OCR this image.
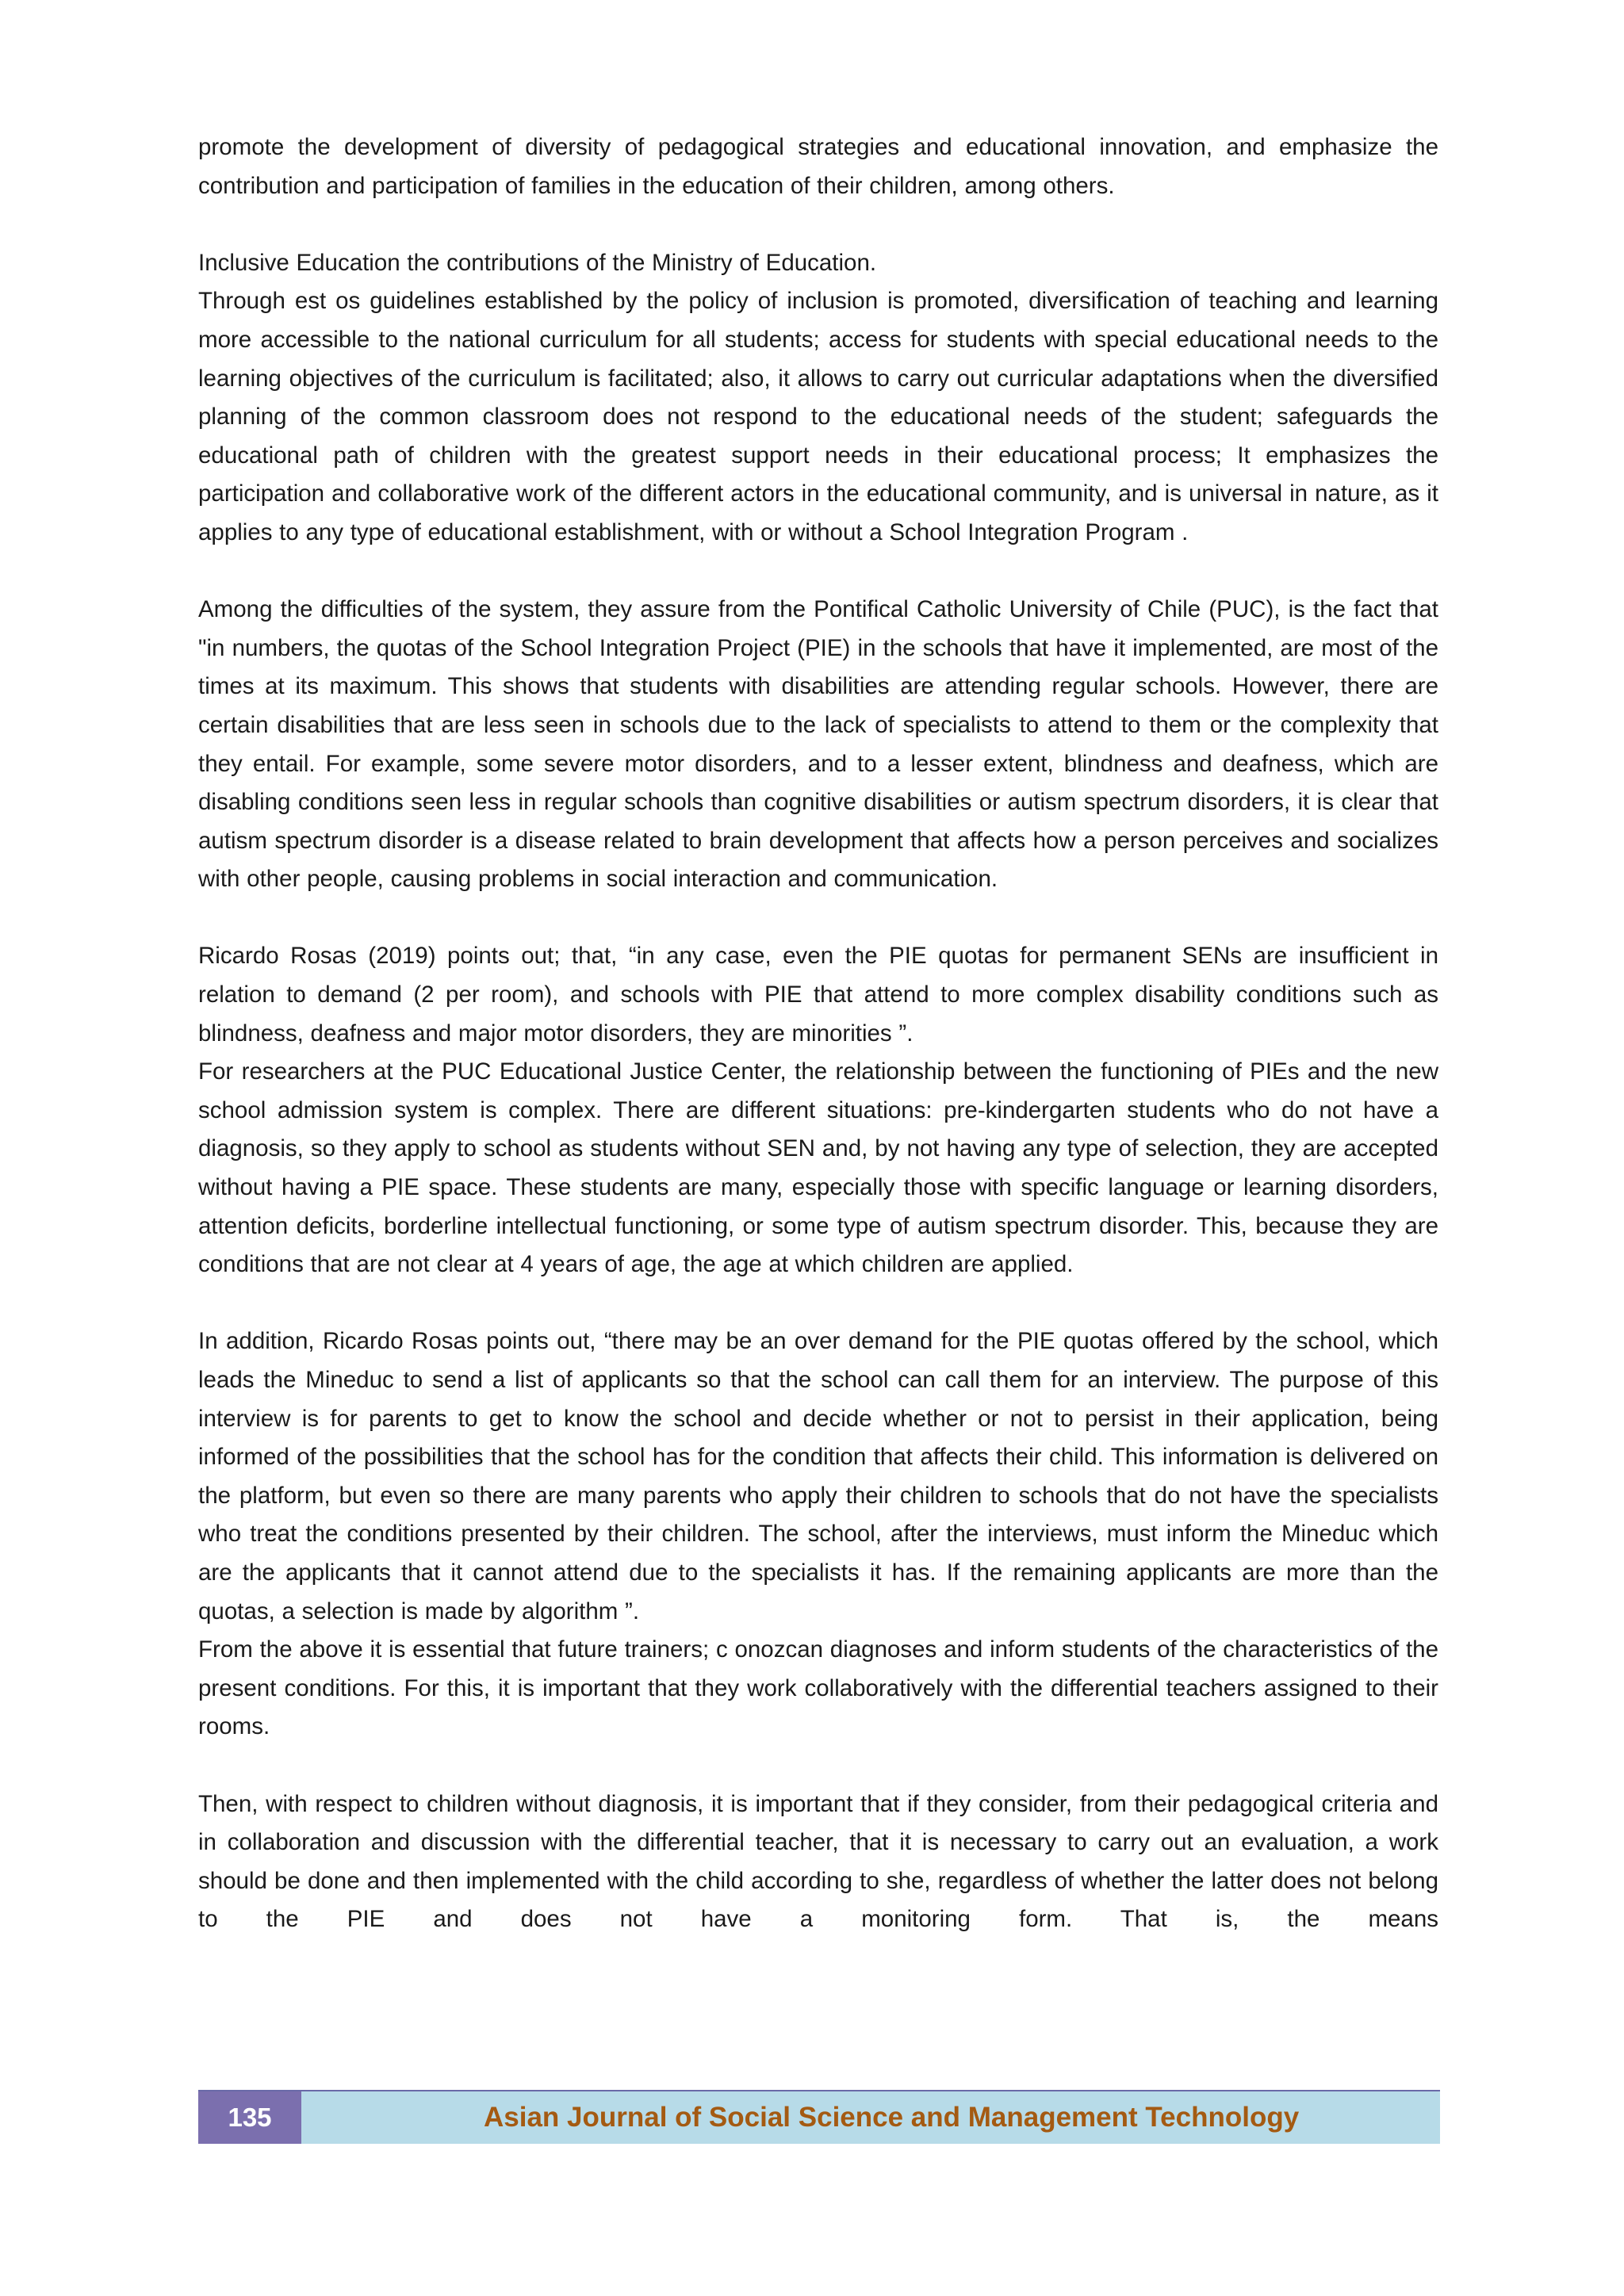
promote the development of diversity of pedagogical strategies and educational innovation, and emphasize the contribution and participation of families in the education of their children, among others.

Inclusive Education the contributions of the Ministry of Education.

Through est os guidelines established by the policy of inclusion is promoted, diversification of teaching and learning more accessible to the national curriculum for all students; access for students with special educational needs to the learning objectives of the curriculum is facilitated; also, it allows to carry out curricular adaptations when the diversified planning of the common classroom does not respond to the educational needs of the student; safeguards the educational path of children with the greatest support needs in their educational process; It emphasizes the participation and collaborative work of the different actors in the educational community, and is universal in nature, as it applies to any type of educational establishment, with or without a School Integration Program .

Among the difficulties of the system, they assure from the Pontifical Catholic University of Chile (PUC), is the fact that "in numbers, the quotas of the School Integration Project (PIE) in the schools that have it implemented, are most of the times at its maximum. This shows that students with disabilities are attending regular schools. However, there are certain disabilities that are less seen in schools due to the lack of specialists to attend to them or the complexity that they entail. For example, some severe motor disorders, and to a lesser extent, blindness and deafness, which are disabling conditions seen less in regular schools than cognitive disabilities or autism spectrum disorders, it is clear that autism spectrum disorder is a disease related to brain development that affects how a person perceives and socializes with other people, causing problems in social interaction and communication.

Ricardo Rosas (2019) points out; that, “in any case, even the PIE quotas for permanent SENs are insufficient in relation to demand (2 per room), and schools with PIE that attend to more complex disability conditions such as blindness, deafness and major motor disorders, they are minorities ”.

For researchers at the PUC Educational Justice Center, the relationship between the functioning of PIEs and the new school admission system is complex. There are different situations: pre-kindergarten students who do not have a diagnosis, so they apply to school as students without SEN and, by not having any type of selection, they are accepted without having a PIE space. These students are many, especially those with specific language or learning disorders, attention deficits, borderline intellectual functioning, or some type of autism spectrum disorder. This, because they are conditions that are not clear at 4 years of age, the age at which children are applied.

In addition, Ricardo Rosas points out, “there may be an over demand for the PIE quotas offered by the school, which leads the Mineduc to send a list of applicants so that the school can call them for an interview. The purpose of this interview is for parents to get to know the school and decide whether or not to persist in their application, being informed of the possibilities that the school has for the condition that affects their child. This information is delivered on the platform, but even so there are many parents who apply their children to schools that do not have the specialists who treat the conditions presented by their children. The school, after the interviews, must inform the Mineduc which are the applicants that it cannot attend due to the specialists it has. If the remaining applicants are more than the quotas, a selection is made by algorithm ”.

From the above it is essential that future trainers; c onozcan diagnoses and inform students of the characteristics of the present conditions. For this, it is important that they work collaboratively with the differential teachers assigned to their rooms.

Then, with respect to children without diagnosis, it is important that if they consider, from their pedagogical criteria and in collaboration and discussion with the differential teacher, that it is necessary to carry out an evaluation, a work should be done and then implemented with the child according to she, regardless of whether the latter does not belong to the PIE and does not have a monitoring form. That is, the means

135	Asian Journal of Social Science and Management Technology
